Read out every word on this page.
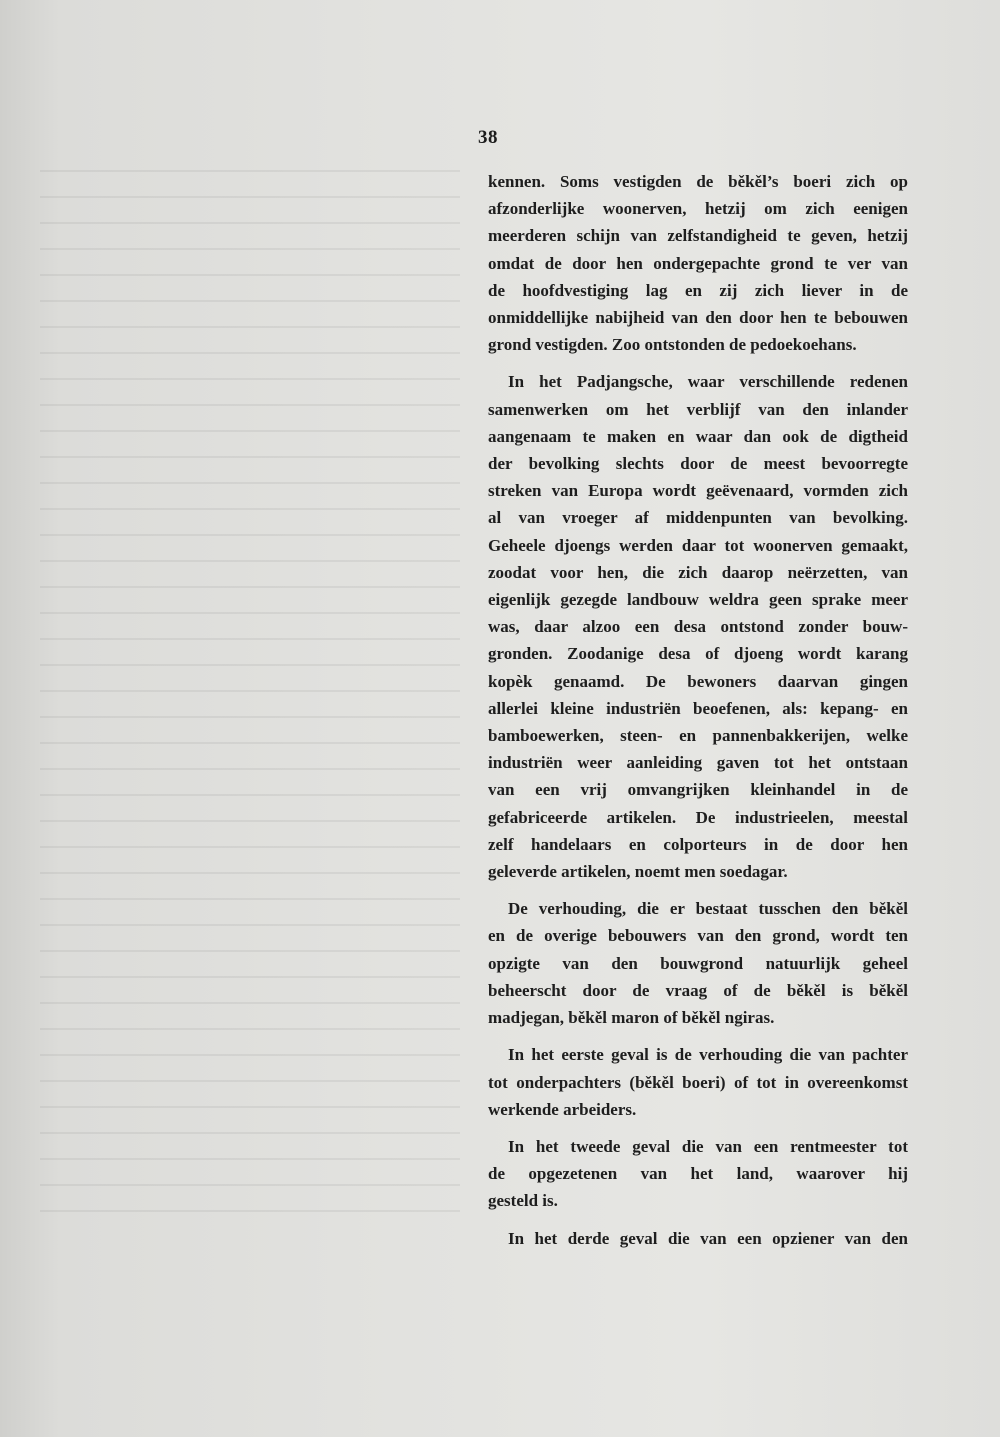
38
kennen. Soms vestigden de běkěl’s boeri zich op
afzonderlijke woonerven, hetzij om zich eenigen
meerderen schijn van zelfstandigheid te geven, hetzij
omdat de door hen ondergepachte grond te ver van
de hoofdvestiging lag en zij zich liever in de
onmiddellijke nabijheid van den door hen te bebouwen
grond vestigden. Zoo ontstonden de pedoekoehans.
In het Padjangsche, waar verschillende redenen
samenwerken om het verblijf van den inlander
aangenaam te maken en waar dan ook de digtheid
der bevolking slechts door de meest bevoorregte
streken van Europa wordt geëvenaard, vormden zich
al van vroeger af middenpunten van bevolking.
Geheele djoengs werden daar tot woonerven gemaakt,
zoodat voor hen, die zich daarop neërzetten, van
eigenlijk gezegde landbouw weldra geen sprake meer
was, daar alzoo een desa ontstond zonder bouw-
gronden. Zoodanige desa of djoeng wordt karang
kopèk genaamd. De bewoners daarvan gingen
allerlei kleine industriën beoefenen, als: kepang- en
bamboewerken, steen- en pannenbakkerijen, welke
industriën weer aanleiding gaven tot het ontstaan
van een vrij omvangrijken kleinhandel in de
gefabriceerde artikelen. De industrieelen, meestal
zelf handelaars en colporteurs in de door hen
geleverde artikelen, noemt men soedagar.
De verhouding, die er bestaat tusschen den běkěl
en de overige bebouwers van den grond, wordt ten
opzigte van den bouwgrond natuurlijk geheel
beheerscht door de vraag of de běkěl is běkěl
madjegan, běkěl maron of běkěl ngiras.
In het eerste geval is de verhouding die van pachter
tot onderpachters (běkěl boeri) of tot in overeenkomst
werkende arbeiders.
In het tweede geval die van een rentmeester tot
de opgezetenen van het land, waarover hij
gesteld is.
In het derde geval die van een opziener van den
